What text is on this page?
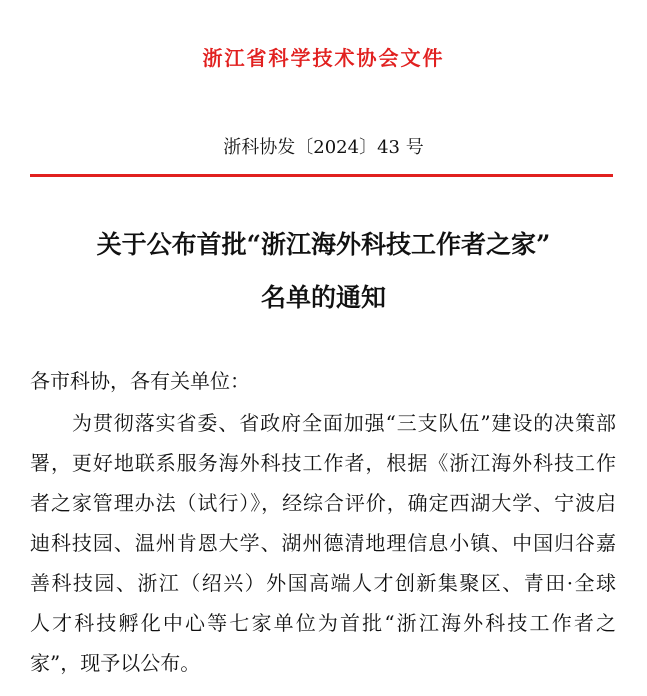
浙江省科学技术协会文件
浙科协发〔2024〕43 号
关于公布首批“浙江海外科技工作者之家”
名单的通知
各市科协，各有关单位：
为贯彻落实省委、省政府全面加强“三支队伍”建设的决策部
署，更好地联系服务海外科技工作者，根据《浙江海外科技工作
者之家管理办法（试行）》，经综合评价，确定西湖大学、宁波启
迪科技园、温州肯恩大学、湖州德清地理信息小镇、中国归谷嘉
善科技园、浙江（绍兴）外国高端人才创新集聚区、青田·全球
人才科技孵化中心等七家单位为首批“浙江海外科技工作者之
家”，现予以公布。
